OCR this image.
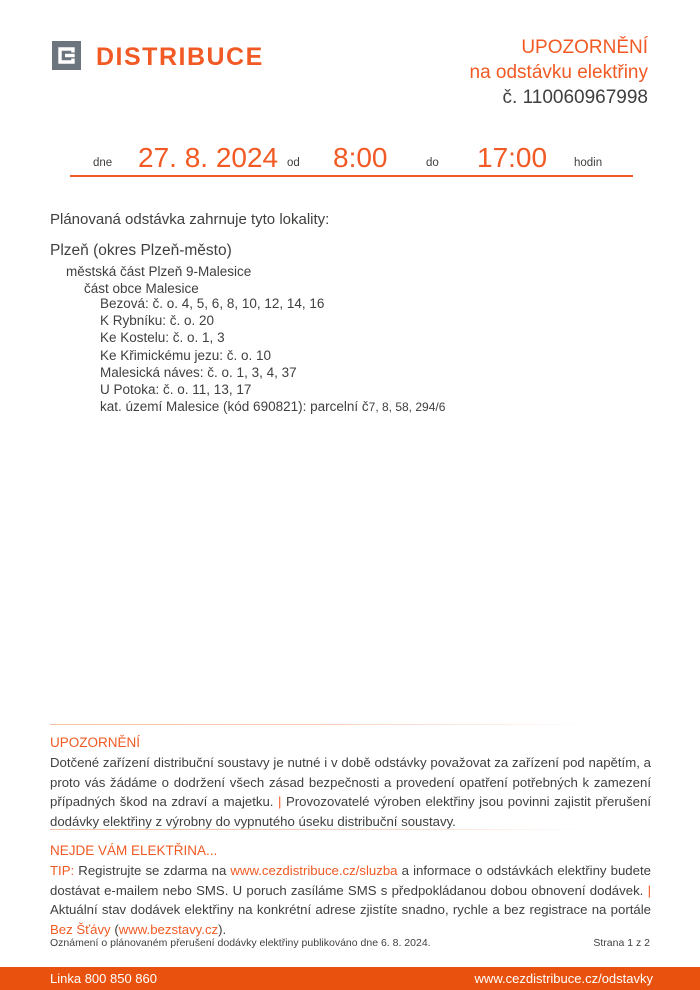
DISTRIBUCE	UPOZORNĚNÍ
na odstávku elektřiny
č. 110060967998
dne 27. 8. 2024 od 8:00	do 17:00 hodin
Plánovaná odstávka zahrnuje tyto lokality:
Plzeň (okres Plzeň-město)
městská část Plzeň 9-Malesice
část obce Malesice
Bezová: č. o. 4, 5, 6, 8, 10, 12, 14, 16
K Rybníku: č. o. 20
Ke Kostelu: č. o. 1, 3
Ke Křimickému jezu: č. o. 10
Malesická náves: č. o. 1, 3, 4, 37
U Potoka: č. o. 11, 13, 17
kat. území Malesice (kód 690821): parcelní č7, 8, 58, 294/6
UPOZORNĚNÍ
Dotčené zařízení distribuční soustavy je nutné i v době odstávky považovat za zařízení pod napětím, a proto vás žádáme o dodržení všech zásad bezpečnosti a provedení opatření potřebných k zamezení případných škod na zdraví a majetku. | Provozovatelé výroben elektřiny jsou povinni zajistit přerušení dodávky elektřiny z výrobny do vypnutého úseku distribuční soustavy.
NEJDE VÁM ELEKTŘINA...
TIP: Registrujte se zdarma na www.cezdistribuce.cz/sluzba a informace o odstávkách elektřiny budete dostávat e-mailem nebo SMS. U poruch zasíláme SMS s předpokládanou dobou obnovení dodávek. | Aktuální stav dodávek elektřiny na konkrétní adrese zjistíte snadno, rychle a bez registrace na portále Bez Šťávy (www.bezstavy.cz).
Oznámení o plánovaném přerušení dodávky elektřiny publikováno dne 6. 8. 2024.	Strana 1 z 2
Linka 800 850 860	www.cezdistribuce.cz/odstavky
